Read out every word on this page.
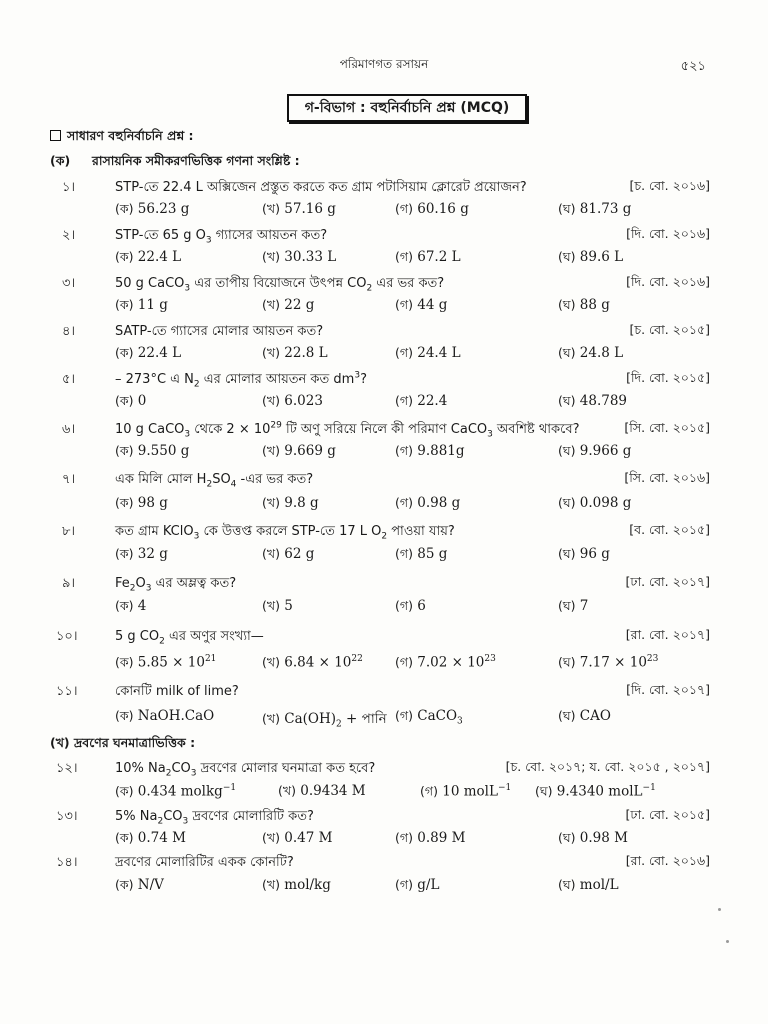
পরিমাণগত রসায়ন	৫২১
গ-বিভাগ : বহুনির্বাচনি প্রশ্ন (MCQ)
সাধারণ বহুনির্বাচনি প্রশ্ন :
(ক) রাসায়নিক সমীকরণভিত্তিক গণনা সংশ্লিষ্ট :
১।	STP-তে 22.4 L অক্সিজেন প্রস্তুত করতে কত গ্রাম পটাসিয়াম ক্লোরেট প্রয়োজন?	[চ. বো. ২০১৬]
(ক) 56.23 g	(খ) 57.16 g	(গ) 60.16 g	(ঘ) 81.73 g
২।	STP-তে 65 g $O_3$ গ্যাসের আয়তন কত?	[দি. বো. ২০১৬]
(ক) 22.4 L	(খ) 30.33 L	(গ) 67.2 L	(ঘ) 89.6 L
৩।	50 g CaCO$_3$ এর তাপীয় বিয়োজনে উৎপন্ন $CO_2$ এর ভর কত?	[দি. বো. ২০১৬]
(ক) 11 g	(খ) 22 g	(গ) 44 g	(ঘ) 88 g
৪।	SATP-তে গ্যাসের মোলার আয়তন কত?	[চ. বো. ২০১৫]
(ক) 22.4 L	(খ) 22.8 L	(গ) 24.4 L	(ঘ) 24.8 L
৫।	– 273°C এ $N_2$ এর মোলার আয়তন কত $dm^3$?	[দি. বো. ২০১৫]
(ক) 0	(খ) 6.023	(গ) 22.4	(ঘ) 48.789
৬।	10 g CaCO$_3$ থেকে $2 \times 10^{29}$ টি অণু সরিয়ে নিলে কী পরিমাণ CaCO$_3$ অবশিষ্ট থাকবে?	[সি. বো. ২০১৫]
(ক) 9.550 g	(খ) 9.669 g	(গ) 9.881g	(ঘ) 9.966 g
৭।	এক মিলি মোল $H_2SO_4$ -এর ভর কত?	[সি. বো. ২০১৬]
(ক) 98 g	(খ) 9.8 g	(গ) 0.98 g	(ঘ) 0.098 g
৮।	কত গ্রাম KClO$_3$ কে উত্তপ্ত করলে STP-তে 17 L $O_2$ পাওয়া যায়?	[ব. বো. ২০১৫]
(ক) 32 g	(খ) 62 g	(গ) 85 g	(ঘ) 96 g
৯।	$Fe_2O_3$ এর অম্লত্ব কত?	[ঢা. বো. ২০১৭]
(ক) 4	(খ) 5	(গ) 6	(ঘ) 7
১০।	5 g $CO_2$ এর অণুর সংখ্যা—	[রা. বো. ২০১৭]
(ক) $5.85 \times 10^{21}$	(খ) $6.84 \times 10^{22}$	(গ) $7.02 \times 10^{23}$	(ঘ) $7.17 \times 10^{23}$
১১।	কোনটি milk of lime?	[দি. বো. ২০১৭]
(ক) NaOH.CaO	(খ) $Ca(OH)_2$ + পানি (গ) CaCO$_3$	(ঘ) CAO
(খ) দ্রবণের ঘনমাত্রাভিত্তিক :
১২।	10% $Na_2CO_3$ দ্রবণের মোলার ঘনমাত্রা কত হবে?	[চ. বো. ২০১৭; য. বো. ২০১৫ , ২০১৭]
(ক) 0.434 molkg$^{-1}$	(খ) 0.9434 M	(গ) 10 molL$^{-1}$ (ঘ) 9.4340 molL$^{-1}$
১৩।	5% $Na_2CO_3$ দ্রবণের মোলারিটি কত?	[ঢা. বো. ২০১৫]
(ক) 0.74 M	(খ) 0.47 M	(গ) 0.89 M	(ঘ) 0.98 M
১৪।	দ্রবণের মোলারিটির একক কোনটি?	[রা. বো. ২০১৬]
(ক) N/V	(খ) mol/kg	(গ) g/L	(ঘ) mol/L
